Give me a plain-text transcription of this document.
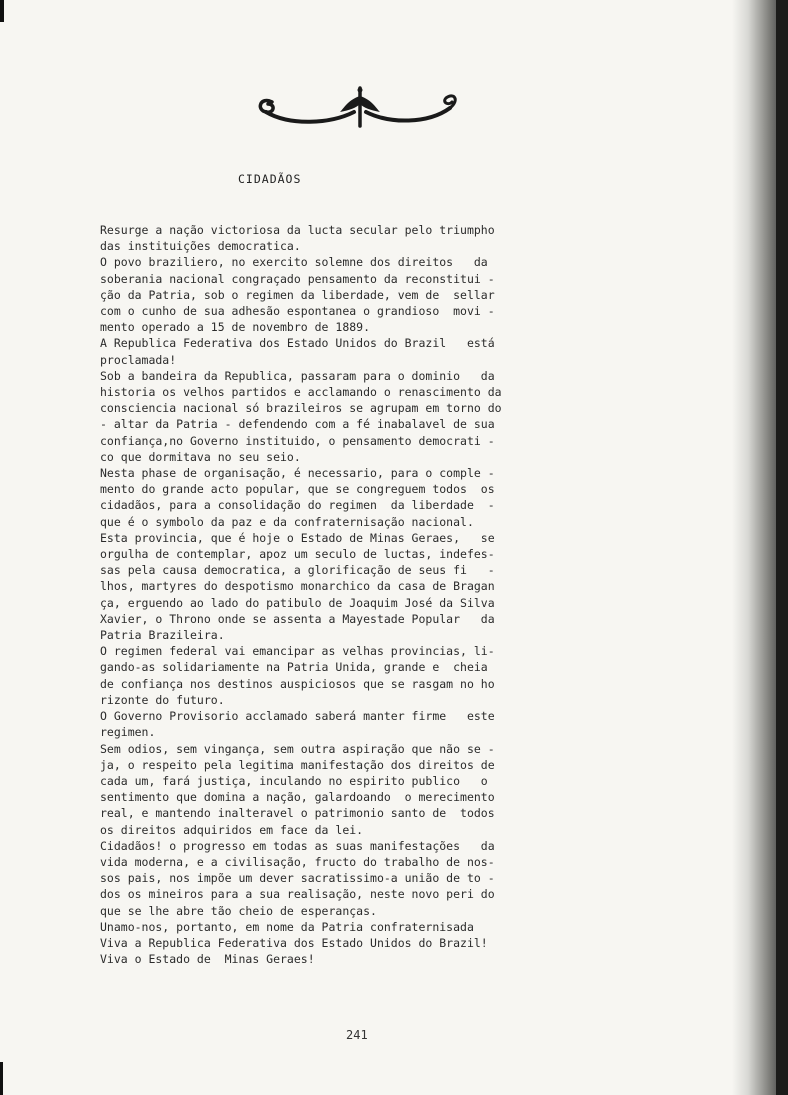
CIDADÃOS
Resurge a nação victoriosa da lucta secular pelo triumpho
das instituições democratica.
O povo braziliero, no exercito solemne dos direitos   da
soberania nacional congraçado pensamento da reconstitui -
ção da Patria, sob o regimen da liberdade, vem de  sellar
com o cunho de sua adhesão espontanea o grandioso  movi -
mento operado a 15 de novembro de 1889.
A Republica Federativa dos Estado Unidos do Brazil   está
proclamada!
Sob a bandeira da Republica, passaram para o dominio   da
historia os velhos partidos e acclamando o renascimento da
consciencia nacional só brazileiros se agrupam em torno do
- altar da Patria - defendendo com a fé inabalavel de sua
confiança,no Governo instituido, o pensamento democrati -
co que dormitava no seu seio.
Nesta phase de organisação, é necessario, para o comple -
mento do grande acto popular, que se congreguem todos  os
cidadãos, para a consolidação do regimen  da liberdade  -
que é o symbolo da paz e da confraternisação nacional.
Esta provincia, que é hoje o Estado de Minas Geraes,   se
orgulha de contemplar, apoz um seculo de luctas, indefes-
sas pela causa democratica, a glorificação de seus fi   -
lhos, martyres do despotismo monarchico da casa de Bragan
ça, erguendo ao lado do patibulo de Joaquim José da Silva
Xavier, o Throno onde se assenta a Mayestade Popular   da
Patria Brazileira.
O regimen federal vai emancipar as velhas provincias, li-
gando-as solidariamente na Patria Unida, grande e  cheia
de confiança nos destinos auspiciosos que se rasgam no ho
rizonte do futuro.
O Governo Provisorio acclamado saberá manter firme   este
regimen.
Sem odios, sem vingança, sem outra aspiração que não se -
ja, o respeito pela legitima manifestação dos direitos de
cada um, fará justiça, inculando no espirito publico   o
sentimento que domina a nação, galardoando  o merecimento
real, e mantendo inalteravel o patrimonio santo de  todos
os direitos adquiridos em face da lei.
Cidadãos! o progresso em todas as suas manifestações   da
vida moderna, e a civilisação, fructo do trabalho de nos-
sos pais, nos impõe um dever sacratissimo-a união de to -
dos os mineiros para a sua realisação, neste novo peri do
que se lhe abre tão cheio de esperanças.
Unamo-nos, portanto, em nome da Patria confraternisada
Viva a Republica Federativa dos Estado Unidos do Brazil!
Viva o Estado de  Minas Geraes!
241
